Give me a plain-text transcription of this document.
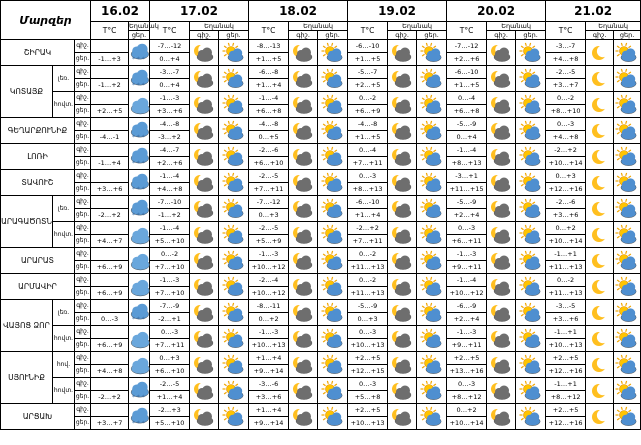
Մարզեր			16.02		17.02			18.02			19.02			20.02			21.02		
			T°C	Եղանակ	T°C	Եղանակ		T°C	Եղանակ		T°C	Եղանակ		T°C	Եղանակ		T°C	Եղանակ	
				ցեր.		գիշ.	ցեր.		գիշ.	ցեր.		գիշ.	ցեր.		գիշ.	ցեր.		գիշ.	ցեր.
ՇԻՐԱԿ		գիշ.		* * *	-7…-12			-8…-13			-6…-10			-7…-12			-3…-7		
		ցեր.	-1…+3		0…+4			+1…+5			+1…+5			+2…+6			+4…+8		
ԿՈՏԱՅՔ	լեռ.	գիշ.		* * *	-3…-7			-6…-8			-5…-7			-6…-10			-2…-5		
		ցեր.	-1…+2		0…+4			+1…+4			+2…+5			+1…+5			+3…+7		
	հովտ.	գիշ.			-1…-3			-1…-4			0…-2			0…-4			0…-2		
		ցեր.	+2…+5		+3…+6			+6…+8			+6…+9			+6…+8			+8…+10		
ԳԵՂԱՐՔՈՒՆԻՔ		գիշ.		* * *	-4…-8			-4…-8			-4…-8			-5…-9			0…-3		
		ցեր.	-4…-1		-3…+2			0…+5			+1…+5			0…+4			+4…+8		
ԼՈՌԻ		գիշ.		* * *	-4…-7			-2…-6			0…-4			-1…-4			-2…+2		
		ցեր.	-1…+4		+2…+6			+6…+10			+7…+11			+8…+13			+10…+14		
ՏԱՎՈՒՇ		գիշ.		* * *	-1…-4			-2…-5			0…-3			-3…+1			0…+3		
		ցեր.	+3…+6		+4…+8			+7…+11			+8…+13			+11…+15			+12…+16		
ԱՐԱԳԱԾՈՏՆ	լեռ.	գիշ.		* * *	-7…-10			-7…-12			-6…-10			-5…-9			-2…-6		
		ցեր.	-2…+2		-1…+2			0…+3			+1…+4			+2…+4			+3…+6		
	հովտ.	գիշ.			-1…-4			-2…-5			-2…+2			0…-3			0…+2		
		ցեր.	+4…+7		+5…+10			+5…+9			+7…+11			+6…+11			+10…+14		
ԱՐԱՐԱՏ		գիշ.			0…-2			-1…-3			0…-2			-1…-3			-1…+1		
		ցեր.	+6…+9		+7…+10			+10…+12			+11…+13			+9…+11			+11…+13		
ԱՐՄԱՎԻՐ		գիշ.			-1…-3			-2…-4			0…-2			-1…-4			0…-2		
		ցեր.	+6…+9		+7…+10			+10…+12			+11…+13			+10…+12			+11…+13		
ՎԱՅՈՑ ՁՈՐ	լեռ.	գիշ.		* * *	-7…-9			-8…-11			-5…-9			-6…-9			-3…-5		
		ցեր.	0…-3		-2…+1			0…+2			0…+3			+2…+4			+3…+6		
	հովտ.	գիշ.			0…-3			-1…-3			0…-3			-1…-3			-1…+1		
		ցեր.	+6…+9		+7…+11			+10…+13			+10…+13			+9…+11			+10…+13		
ՍՅՈՒՆԻՔ	հով.	գիշ.			0…+3			+1…+4			+2…+5			+2…+5			+2…+5		
		ցեր.	+4…+8		+6…+10			+9…+14			+12…+15			+13…+16			+12…+16		
	հովտ.	գիշ.		* * *	-2…-5			-3…-6			0…-3			0…-3			-1…+1		
		ցեր.	-2…+2		+1…+4			+3…+6			+5…+8			+8…+12			+8…+12		
ԱՐՑԱԽ		գիշ.		* * *	-2…+3			+1…+4			+2…+5			0…+2			+2…+5		
		ցեր.	+3…+7		+5…+10			+9…+14			+10…+13			+10…+14			+12…+16		
